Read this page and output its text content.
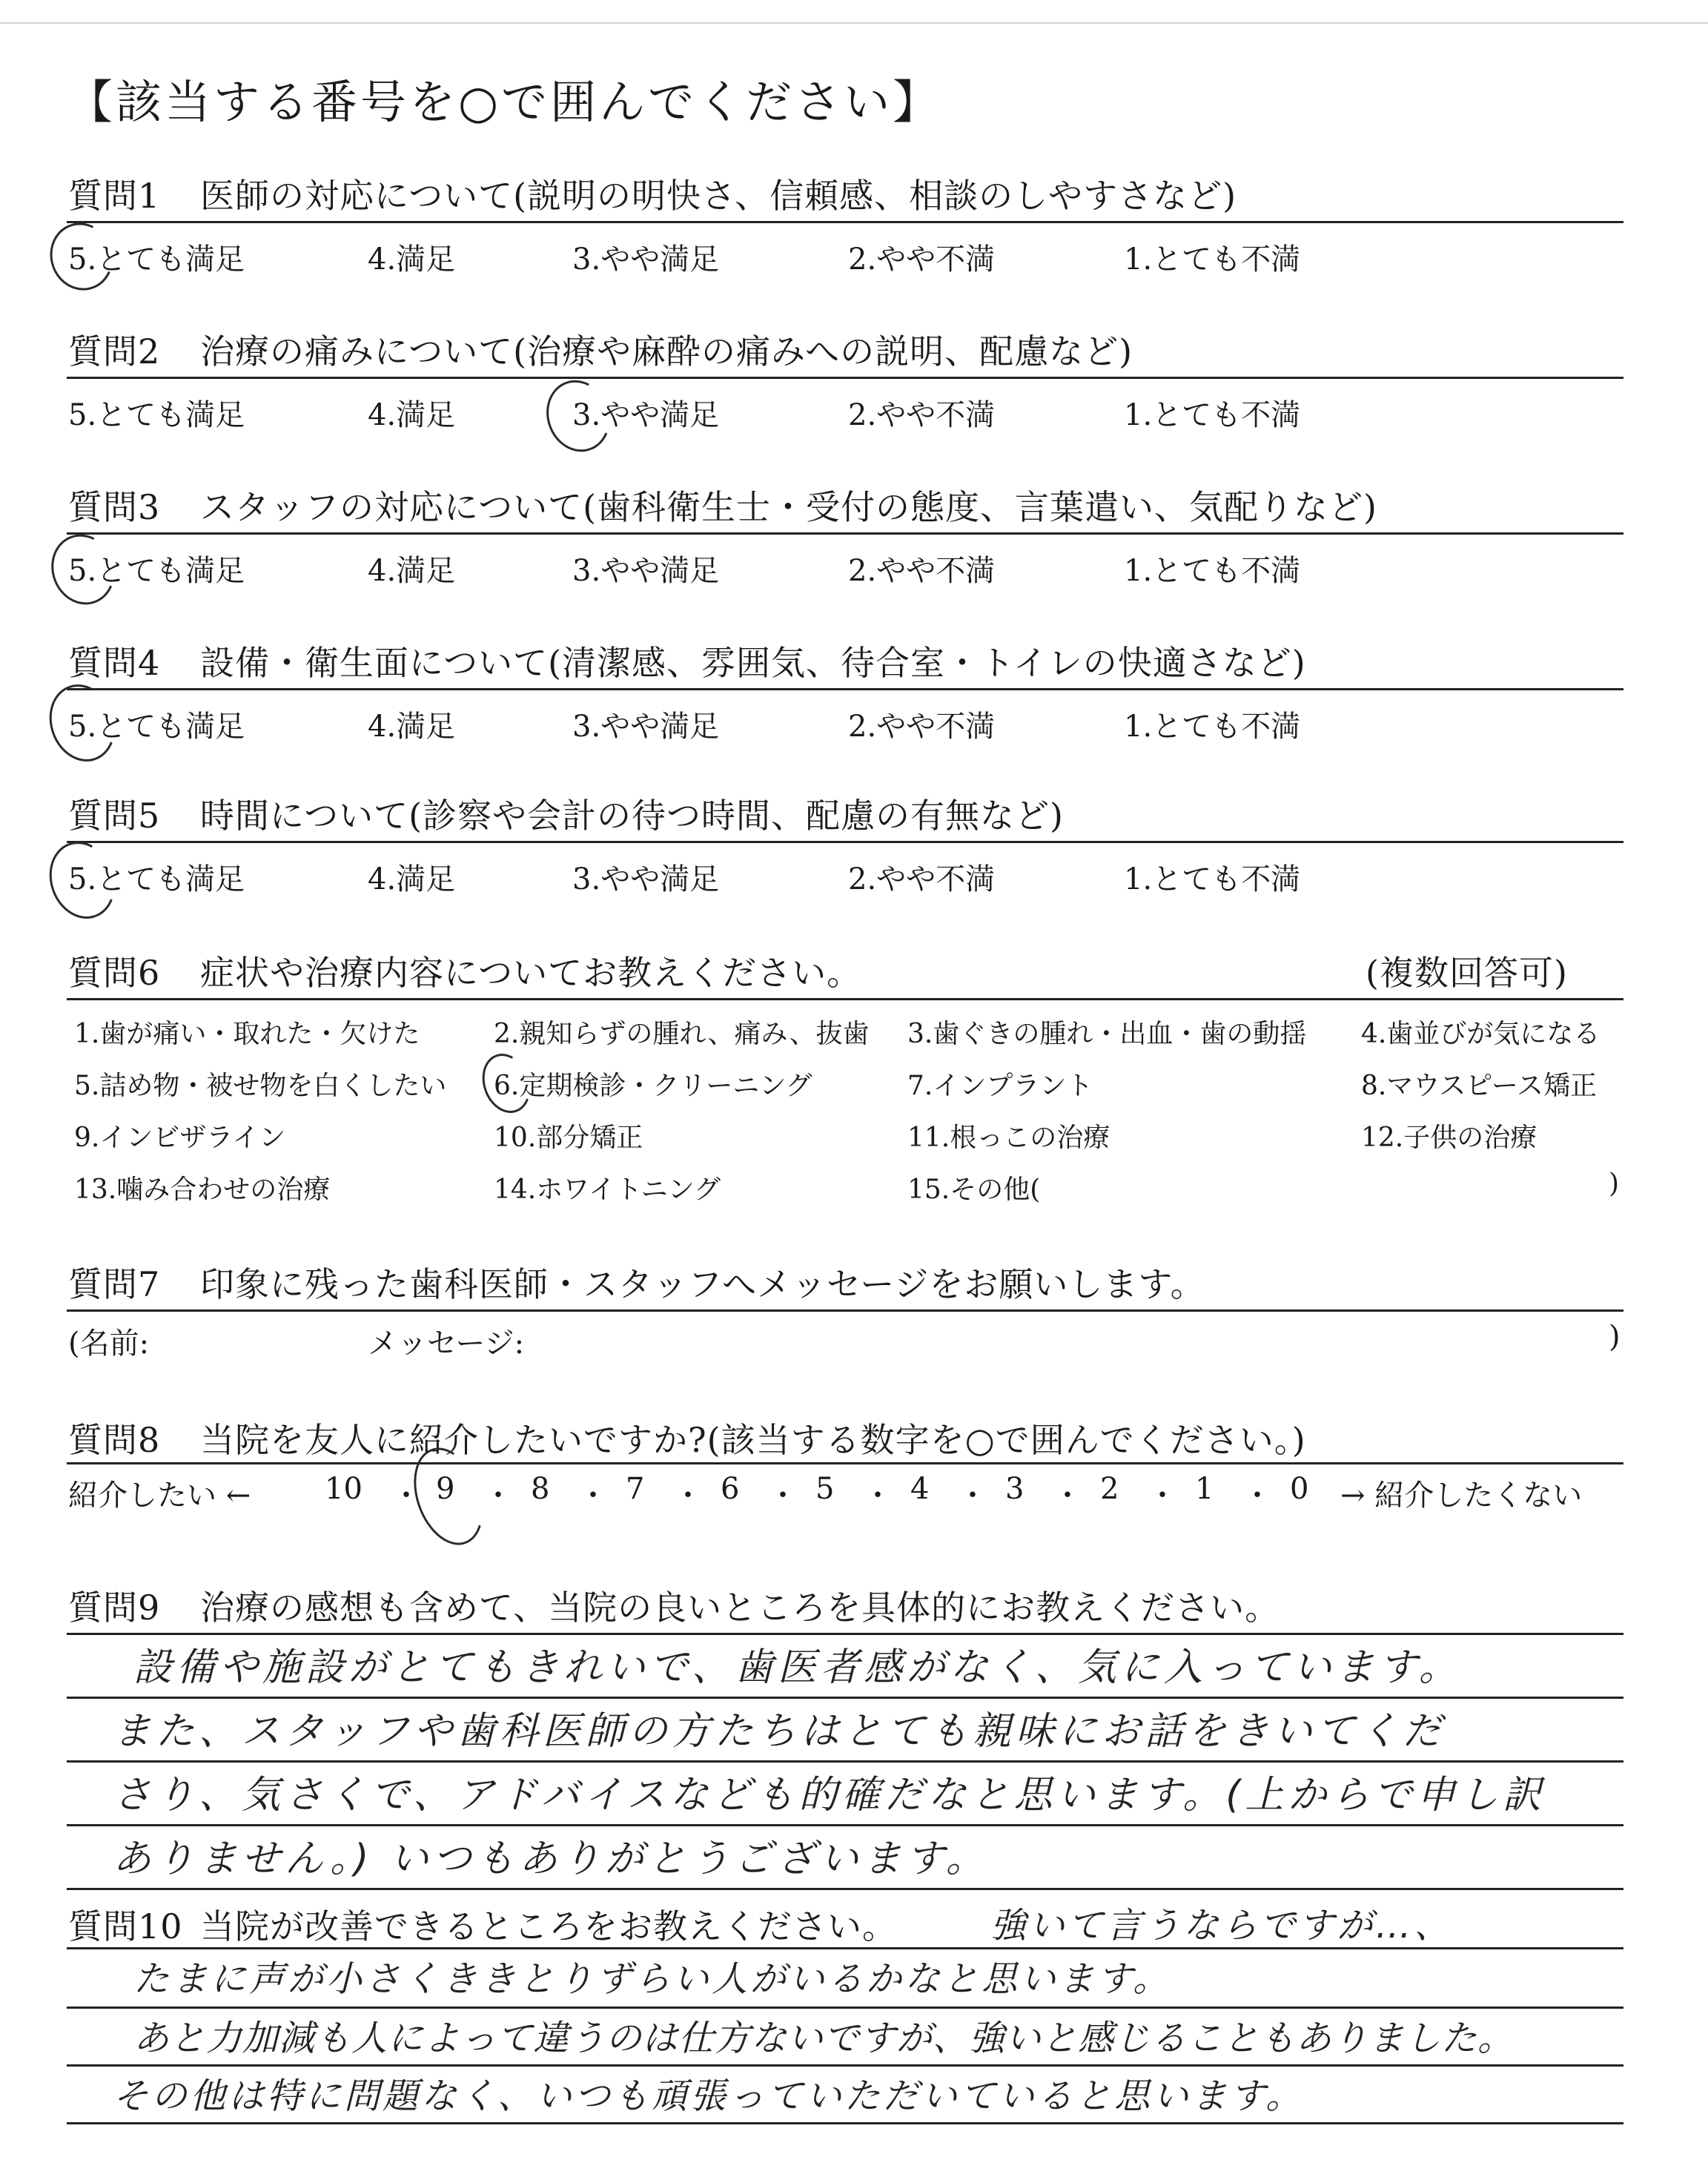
【該当する番号を○で囲んでください】
質問1 医師の対応について(説明の明快さ、信頼感、相談のしやすさなど)
5.とても満足	4.満足	3.やや満足	2.やや不満	1.とても不満
質問2 治療の痛みについて(治療や麻酔の痛みへの説明、配慮など)
5.とても満足	4.満足	3.やや満足	2.やや不満	1.とても不満
質問3 スタッフの対応について(歯科衛生士・受付の態度、言葉遣い、気配りなど)
5.とても満足	4.満足	3.やや満足	2.やや不満	1.とても不満
質問4 設備・衛生面について(清潔感、雰囲気、待合室・トイレの快適さなど)
5.とても満足	4.満足	3.やや満足	2.やや不満	1.とても不満
質問5 時間について(診察や会計の待つ時間、配慮の有無など)
5.とても満足	4.満足	3.やや満足	2.やや不満	1.とても不満
質問6 症状や治療内容についてお教えください。	(複数回答可)
1.歯が痛い・取れた・欠けた	2.親知らずの腫れ、痛み、抜歯 3.歯ぐきの腫れ・出血・歯の動揺 4.歯並びが気になる
5.詰め物・被せ物を白くしたい 6.定期検診・クリーニング	7.インプラント	8.マウスピース矯正
9.インビザライン	10.部分矯正	11.根っこの治療	12.子供の治療
13.噛み合わせの治療	14.ホワイトニング	15.その他(	)
質問7 印象に残った歯科医師・スタッフへメッセージをお願いします。
(名前:	メッセージ:	)
質問8 当院を友人に紹介したいですか?(該当する数字を○で囲んでください。)
紹介したい ← 10 ・ 9 ・ 8 ・ 7 ・ 6 ・ 5 ・ 4 ・ 3 ・ 2 ・ 1 ・ 0 → 紹介したくない
質問9 治療の感想も含めて、当院の良いところを具体的にお教えください。
設備や施設がとてもきれいで、歯医者感がなく、気に入っています。
また、スタッフや歯科医師の方たちはとても親味にお話をきいてくだ
さり、気さくで、アドバイスなども的確だなと思います。(上からで申し訳
ありません。) いつもありがとうございます。
質問10 当院が改善できるところをお教えください。	強いて言うならですが…、
たまに声が小さくききとりずらい人がいるかなと思います。
あと力加減も人によって違うのは仕方ないですが、強いと感じることもありました。
その他は特に問題なく、いつも頑張っていただいていると思います。
